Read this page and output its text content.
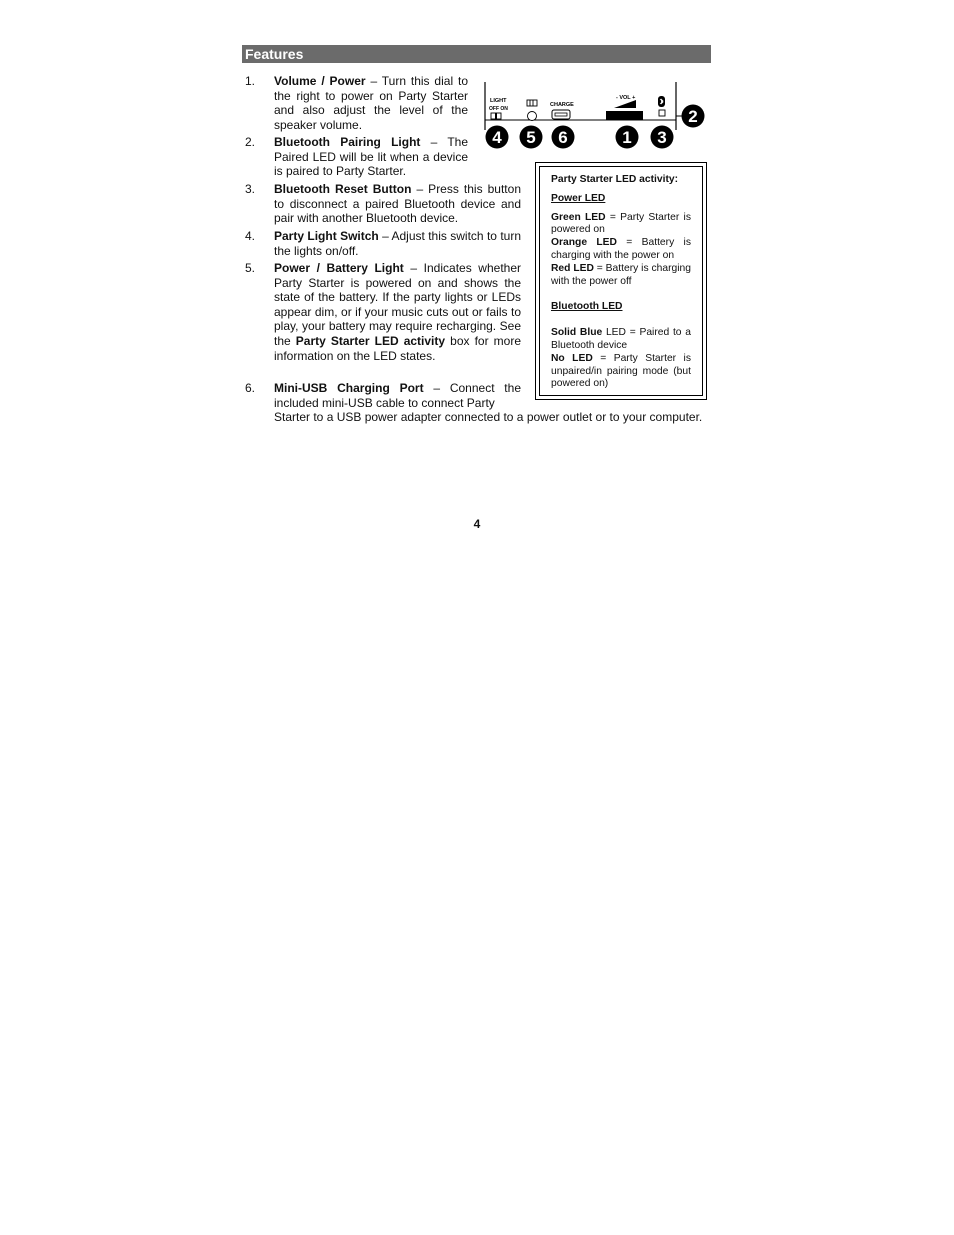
Features
1.	Volume / Power – Turn this dial to the right to power on Party Starter and also adjust the level of the speaker volume.
2.	Bluetooth Pairing Light – The Paired LED will be lit when a device is paired to Party Starter.
3.	Bluetooth Reset Button – Press this button to disconnect a paired Bluetooth device and pair with another Bluetooth device.
4.	Party Light Switch – Adjust this switch to turn the lights on/off.
5.	Power / Battery Light – Indicates whether Party Starter is powered on and shows the state of the battery. If the party lights or LEDs appear dim, or if your music cuts out or fails to play, your battery may require recharging. See the Party Starter LED activity box for more information on the LED states.
6.	Mini-USB Charging Port – Connect the included mini-USB cable to connect Party
Starter to a USB power adapter connected to a power outlet or to your computer.
LIGHT
OFF ON
CHARGE
- VOL +
4 5 6	1 3
2

Party Starter LED activity:

Power LED

Green LED = Party Starter is powered on

Orange LED = Battery is charging with the power on

Red LED = Battery is charging with the power off

Bluetooth LED

Solid Blue LED = Paired to a Bluetooth device

No LED = Party Starter is unpaired/in pairing mode (but powered on)

4
